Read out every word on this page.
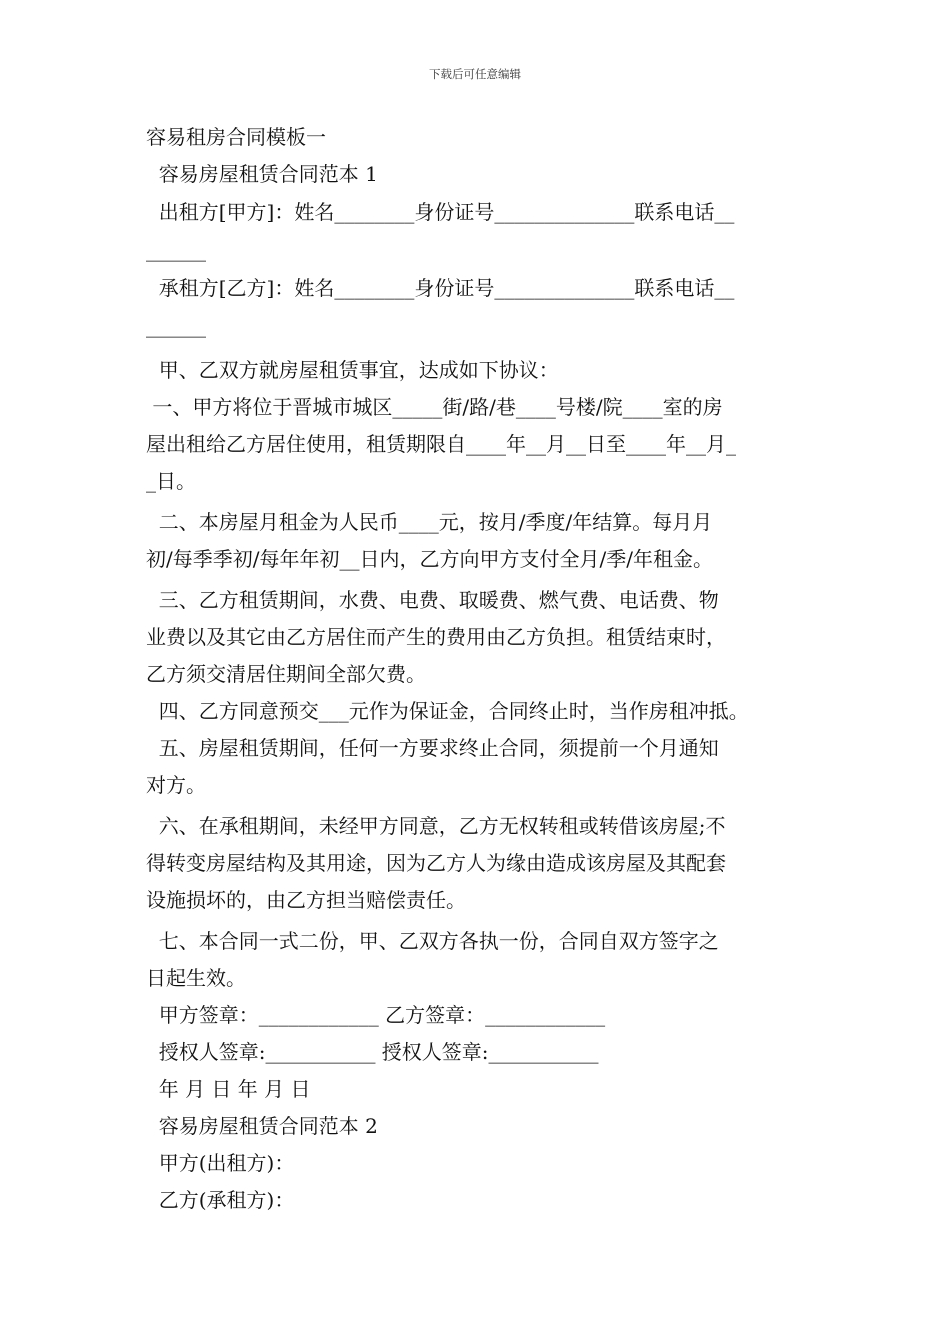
下载后可任意编辑
容易租房合同模板一
容易房屋租赁合同范本 1
出租方[甲方]：姓名________身份证号______________联系电话__
______
承租方[乙方]：姓名________身份证号______________联系电话__
______
甲、乙双方就房屋租赁事宜，达成如下协议：
一、甲方将位于晋城市城区_____街/路/巷____号楼/院____室的房
屋出租给乙方居住使用，租赁期限自____年__月__日至____年__月_
_日。
二、本房屋月租金为人民币____元，按月/季度/年结算。每月月
初/每季季初/每年年初__日内，乙方向甲方支付全月/季/年租金。
三、乙方租赁期间，水费、电费、取暖费、燃气费、电话费、物
业费以及其它由乙方居住而产生的费用由乙方负担。租赁结束时，
乙方须交清居住期间全部欠费。
四、乙方同意预交___元作为保证金，合同终止时，当作房租冲抵。
五、房屋租赁期间，任何一方要求终止合同，须提前一个月通知
对方。
六、在承租期间，未经甲方同意，乙方无权转租或转借该房屋;不
得转变房屋结构及其用途，因为乙方人为缘由造成该房屋及其配套
设施损坏的，由乙方担当赔偿责任。
七、本合同一式二份，甲、乙双方各执一份，合同自双方签字之
日起生效。
甲方签章：____________ 乙方签章：____________
授权人签章:___________ 授权人签章:___________
年 月 日 年 月 日
容易房屋租赁合同范本 2
甲方(出租方)：
乙方(承租方)：
